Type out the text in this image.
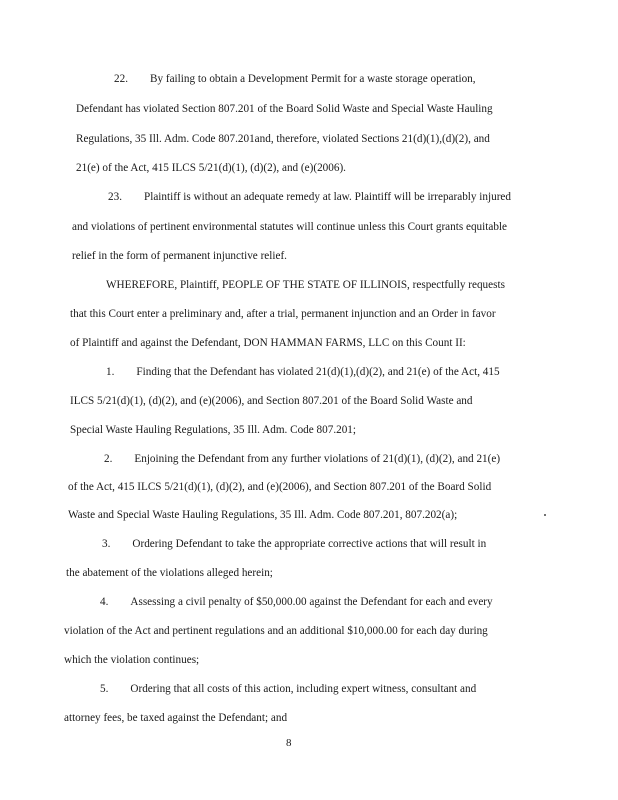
22. By failing to obtain a Development Permit for a waste storage operation,
Defendant has violated Section 807.201 of the Board Solid Waste and Special Waste Hauling
Regulations, 35 Ill. Adm. Code 807.201and, therefore, violated Sections 21(d)(1),(d)(2), and
21(e) of the Act, 415 ILCS 5/21(d)(1), (d)(2), and (e)(2006).
23. Plaintiff is without an adequate remedy at law. Plaintiff will be irreparably injured
and violations of pertinent environmental statutes will continue unless this Court grants equitable
relief in the form of permanent injunctive relief.
WHEREFORE, Plaintiff, PEOPLE OF THE STATE OF ILLINOIS, respectfully requests
that this Court enter a preliminary and, after a trial, permanent injunction and an Order in favor
of Plaintiff and against the Defendant, DON HAMMAN FARMS, LLC on this Count II:
1. Finding that the Defendant has violated 21(d)(1),(d)(2), and 21(e) of the Act, 415
ILCS 5/21(d)(1), (d)(2), and (e)(2006), and Section 807.201 of the Board Solid Waste and
Special Waste Hauling Regulations, 35 Ill. Adm. Code 807.201;
2. Enjoining the Defendant from any further violations of 21(d)(1), (d)(2), and 21(e)
of the Act, 415 ILCS 5/21(d)(1), (d)(2), and (e)(2006), and Section 807.201 of the Board Solid
Waste and Special Waste Hauling Regulations, 35 Ill. Adm. Code 807.201, 807.202(a);
3. Ordering Defendant to take the appropriate corrective actions that will result in
the abatement of the violations alleged herein;
4. Assessing a civil penalty of $50,000.00 against the Defendant for each and every
violation of the Act and pertinent regulations and an additional $10,000.00 for each day during
which the violation continues;
5. Ordering that all costs of this action, including expert witness, consultant and
attorney fees, be taxed against the Defendant; and
8
